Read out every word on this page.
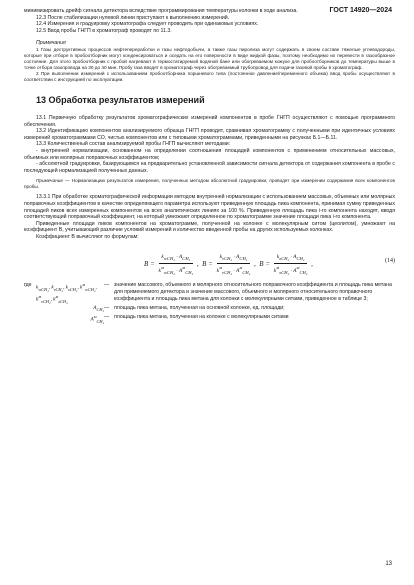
ГОСТ 14920—2024

минимизировать дрейф сигнала детектора вследствие программирования температуры колонки в ходе анализа.

12.3 После стабилизации нулевой линии приступают к выполнению измерений.

12.4 Измерения и градуировку хроматографа следует проводить при одинаковых условиях.

12.5 Ввод пробы ГНГП в хроматограф проводят по 11.3.

Примечания

1 Газы деструктивных процессов нефтепереработки и газы нефтедобычи, а также газы пиролиза могут содержать в своем составе тяжелые углеводороды, которые при отборе в пробоотборник могут конденсироваться и оседать на его поверхности в виде жидкой фазы, поэтому необходимо их перевести в газообразное состояние. Для этого пробоотборник с пробой нагревают в термостатируемой водяной бане или обогреваемом кожухе для пробоотборников до температуры выше в точке отбора газопровода на 30 до 40 мин. Пробу газа вводят в хроматограф через обогреваемый трубопровод для подачи газовой пробы в хроматограф.

2 При выполнении измерений с использованием пробоотборника поршневого типа (постоянное давление/переменного объема) ввод пробы осуществляют в соответствии с инструкцией по эксплуатации.

13 Обработка результатов измерений

13.1 Первичную обработку результатов хроматографических измерений компонентов в пробе ГНГП осуществляют с помощью программного обеспечения.

13.2 Идентификацию компонентов анализируемого образца ГНГП проводят, сравнивая хроматограмму с полученными при идентичных условиях измерений хроматограммами СО, чистых компонентов или с типовыми хроматограммами, приведенными на рисунках Б.1—Б.11.

13.3 Количественный состав анализируемой пробы ГНГП вычисляют методами:

- внутренней нормализации, основанном на определении соотношения площадей компонентов с применением относительных массовых, объемных или молярных поправочных коэффициентов;

- абсолютной градуировки, базирующимся на предварительно установленной зависимости сигнала детектора от содержания компонента в пробе с последующей нормализацией полученных данных.

Примечание — Нормализацию результатов измерения, полученных методом абсолютной градуировки, проводят при измерении содержания всех компонентов пробы.

13.3.1 При обработке хроматографической информации методом внутренней нормализации с использованием массовых, объемных или молярных поправочных коэффициентов в качестве определяющего параметра используют приведенную площадь пика компонента, принимая сумму приведенных площадей пиков всех измеренных компонентов на всех аналитических линиях за 100 %. Приведенную площадь пика i-го компонента находят, вводя соответствующий поправочный коэффициент, на который умножают определенное по хроматограмме значение площади пика i-го компонента.

Приведенные площади пиков компонентов на хроматограмме, полученной на колонке с молекулярным ситом (цеолитом), умножают на коэффициент B, учитывающий различие условий измерений и количество введенной пробы на других используемых колонках.

Коэффициент B вычисляют по формулам:

$B = \frac{k_{wCH_4} \cdot A_{CH_4}}{k^м_{wCH_4} \cdot A^м_{CH_4}}$ ,  $B = \frac{k_{vCH_4} \cdot A_{CH_4}}{k^м_{vCH_4} \cdot A^м_{CH_4}}$ ,  $B = \frac{k_{xCH_4} \cdot A_{CH_4}}{k^м_{xCH_4} \cdot A^м_{CH_4}}$ ,	(14)
где $k_{wCH_4}$, $k_{vCH_4}$, $k_{xCH_4}$, $k^м_{wCH_4}$, $k^м_{vCH_4}$, $k^м_{xCH_4}$
— значение массового, объемного и молярного относительного поправочного коэффициента и площадь пика метана для применяемого детектора и значение массового, объемного и молярного относительного поправочного коэффициента и площадь пика метана для колонки с молекулярными ситами, приведенное в таблице 3;
$A_{CH_4}$ — площадь пика метана, полученная на основной колонке, ед. площади;
$A^м_{CH_4}$
— площадь пика метана, полученная на колонке с молекулярными ситами
13
